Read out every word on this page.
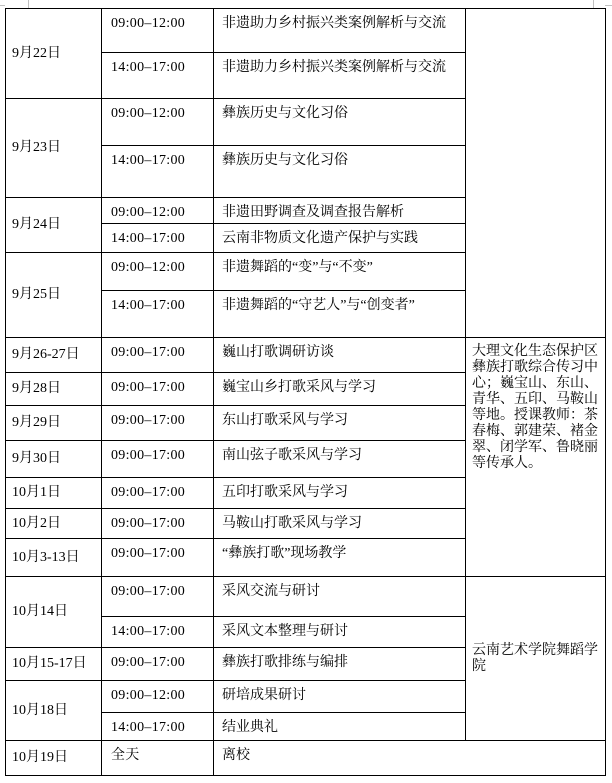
9月22日	09:00–12:00	非遗助力乡村振兴类案例解析与交流	
	14:00–17:00	非遗助力乡村振兴类案例解析与交流	
9月23日	09:00–12:00	彝族历史与文化习俗	
	14:00–17:00	彝族历史与文化习俗	
9月24日	09:00–12:00	非遗田野调查及调查报告解析	
	14:00–17:00	云南非物质文化遗产保护与实践	
9月25日	09:00–12:00	非遗舞蹈的“变”与“不变”	
	14:00–17:00	非遗舞蹈的“守艺人”与“创变者”	
9月26-27日	09:00–17:00	巍山打歌调研访谈	大理文化生态保护区彝族打歌综合传习中心；巍宝山、东山、青华、五印、马鞍山等地。授课教师：茶春梅、郭建荣、褚金翠、闭学军、鲁晓丽等传承人。
9月28日	09:00–17:00	巍宝山乡打歌采风与学习	
9月29日	09:00–17:00	东山打歌采风与学习	
9月30日	09:00–17:00	南山弦子歌采风与学习	
10月1日	09:00–17:00	五印打歌采风与学习	
10月2日	09:00–17:00	马鞍山打歌采风与学习	
10月3-13日	09:00–17:00	“彝族打歌”现场教学	
10月14日	09:00–17:00	采风交流与研讨	云南艺术学院舞蹈学院
	14:00–17:00	采风文本整理与研讨	
10月15-17日	09:00–17:00	彝族打歌排练与编排	
10月18日	09:00–12:00	研培成果研讨	
	14:00–17:00	结业典礼	
10月19日	全天	离校	
